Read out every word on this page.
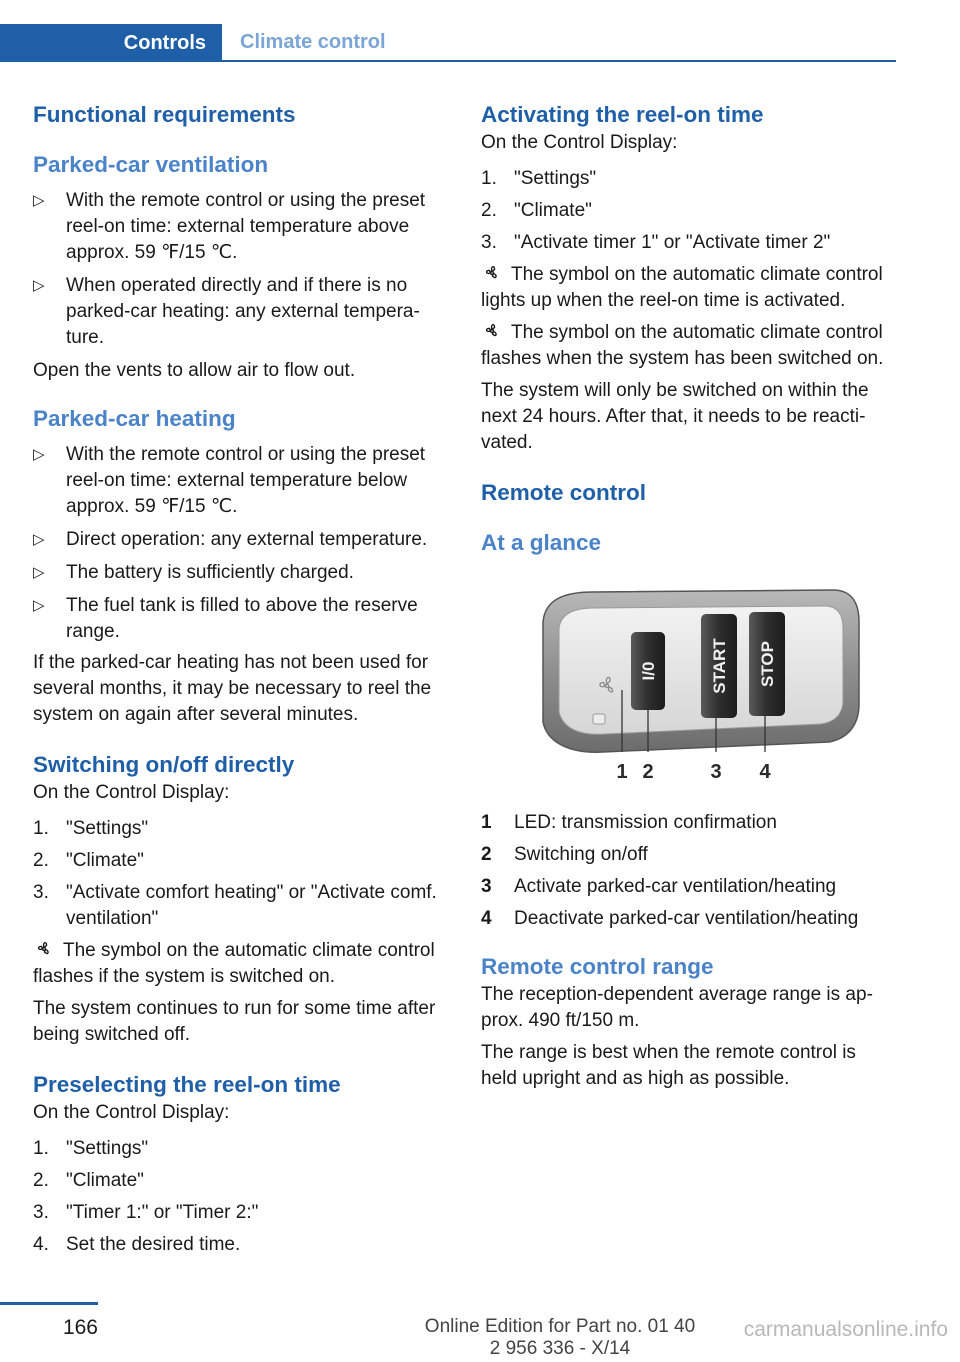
Controls	Climate control
Functional requirements
Parked-car ventilation
▷ With the remote control or using the preset reel-on time: external temperature above approx. 59 ℉/15 ℃.
▷ When operated directly and if there is no parked-car heating: any external temperature.

Open the vents to allow air to flow out.

Parked-car heating
▷ With the remote control or using the preset reel-on time: external temperature below approx. 59 ℉/15 ℃.
▷ Direct operation: any external temperature.
▷ The battery is sufficiently charged.
▷ The fuel tank is filled to above the reserve range.

If the parked-car heating has not been used for several months, it may be necessary to reel the system on again after several minutes.

Switching on/off directly

On the Control Display:

1. "Settings"
2. "Climate"
3. "Activate comfort heating" or "Activate comf. ventilation"

The symbol on the automatic climate control flashes if the system is switched on.

The system continues to run for some time after being switched off.

Preselecting the reel-on time

On the Control Display:

1. "Settings"
2. "Climate"
3. "Timer 1:" or "Timer 2:"
4. Set the desired time.
Activating the reel-on time

On the Control Display:

1. "Settings"
2. "Climate"
3. "Activate timer 1" or "Activate timer 2"

The symbol on the automatic climate control lights up when the reel-on time is activated.

The symbol on the automatic climate control flashes when the system has been switched on.

The system will only be switched on within the next 24 hours. After that, it needs to be reactivated.

Remote control
At a glance
I/0	START STOP
1 2	3 4
1 LED: transmission confirmation
2 Switching on/off
3 Activate parked-car ventilation/heating
4 Deactivate parked-car ventilation/heating
Remote control range

The reception-dependent average range is approx. 490 ft/150 m.

The range is best when the remote control is held upright and as high as possible.

166	Online Edition for Part no. 01 40 2 956 336 - X/14
carmanualsonline.info
